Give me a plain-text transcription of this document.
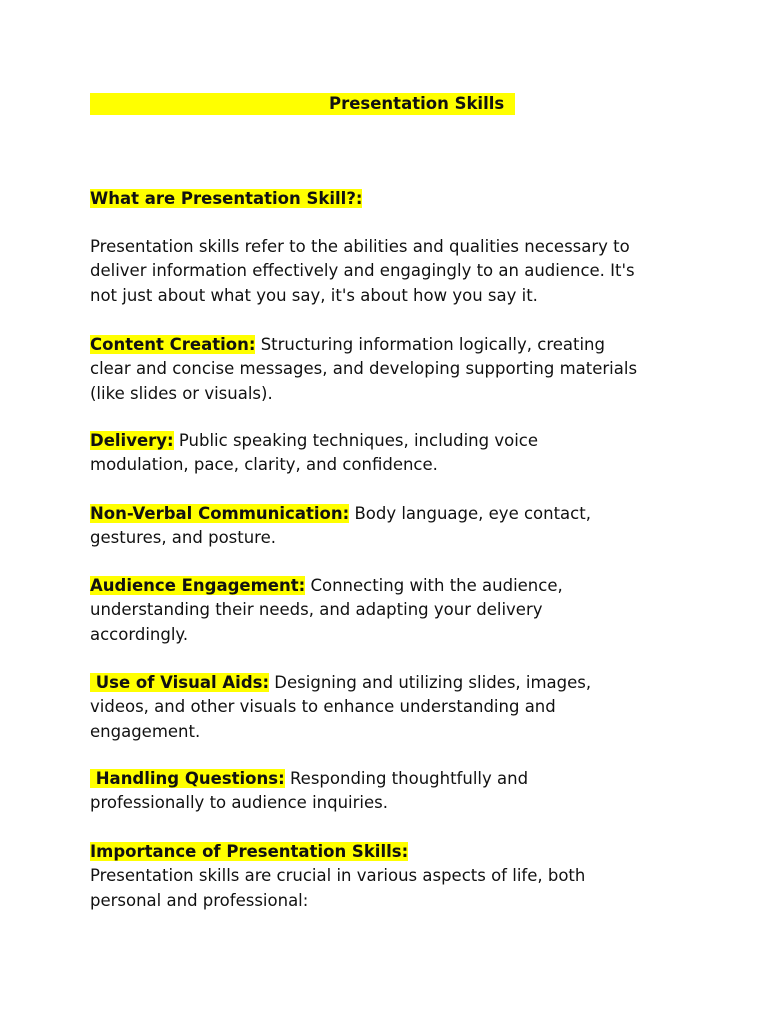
Presentation Skills
What are Presentation Skill?:
Presentation skills refer to the abilities and qualities necessary to
deliver information effectively and engagingly to an audience. It's
not just about what you say, it's about how you say it.
Content Creation: Structuring information logically, creating
clear and concise messages, and developing supporting materials
(like slides or visuals).
Delivery: Public speaking techniques, including voice
modulation, pace, clarity, and confidence.
Non-Verbal Communication: Body language, eye contact,
gestures, and posture.
Audience Engagement: Connecting with the audience,
understanding their needs, and adapting your delivery
accordingly.
Use of Visual Aids: Designing and utilizing slides, images,
videos, and other visuals to enhance understanding and
engagement.
Handling Questions: Responding thoughtfully and
professionally to audience inquiries.
Importance of Presentation Skills:
Presentation skills are crucial in various aspects of life, both
personal and professional:
